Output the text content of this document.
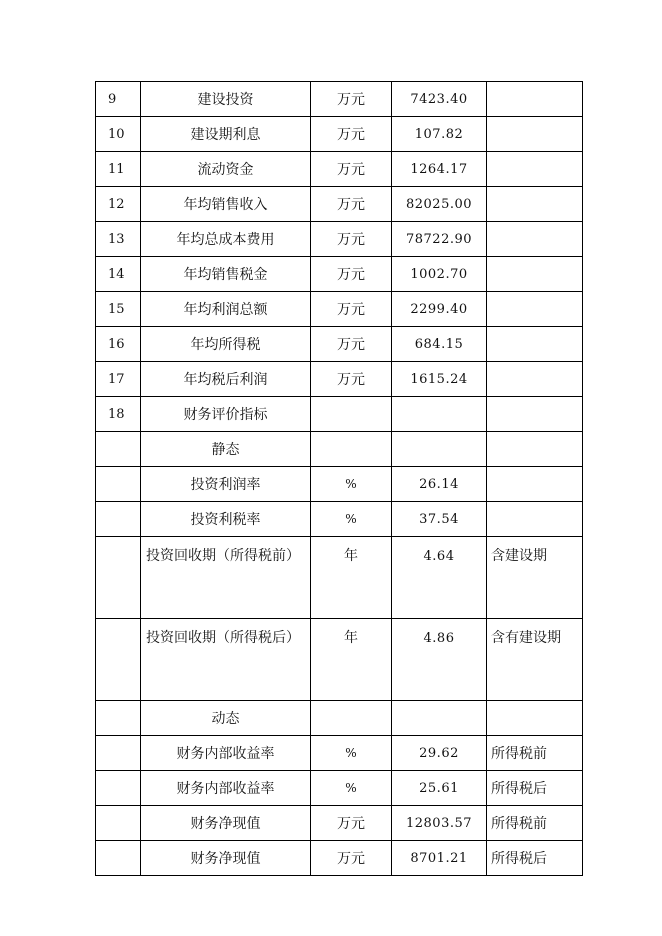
9	建设投资	万元	7423.40	
10	建设期利息	万元	107.82	
11	流动资金	万元	1264.17	
12	年均销售收入	万元	82025.00	
13	年均总成本费用	万元	78722.90	
14	年均销售税金	万元	1002.70	
15	年均利润总额	万元	2299.40	
16	年均所得税	万元	684.15	
17	年均税后利润	万元	1615.24	
18	财务评价指标			
	静态			
	投资利润率	%	26.14	
	投资利税率	%	37.54	
	投资回收期（所得税前）	年	4.64	含建设期
	投资回收期（所得税后）	年	4.86	含有建设期
	动态			
	财务内部收益率	%	29.62	所得税前
	财务内部收益率	%	25.61	所得税后
	财务净现值	万元	12803.57	所得税前
	财务净现值	万元	8701.21	所得税后
